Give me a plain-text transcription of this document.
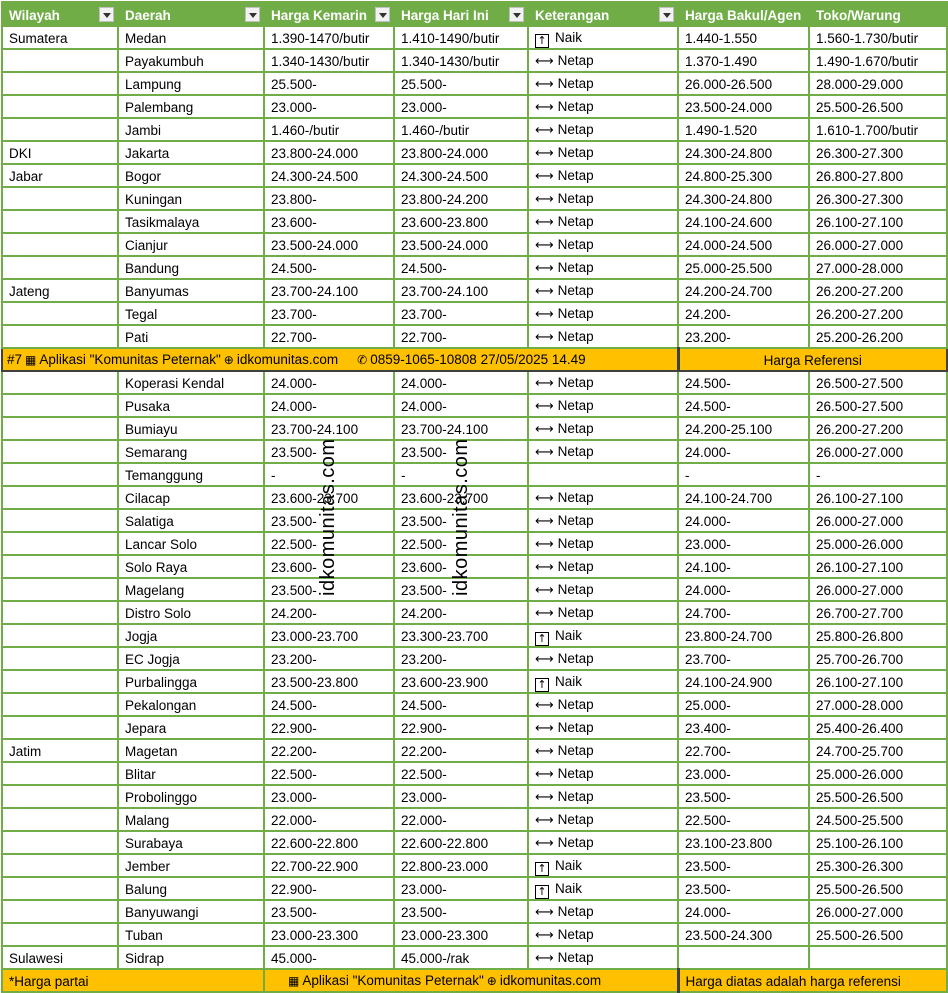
Wilayah	Daerah	Harga Kemarin	Harga Hari Ini	Keterangan	Harga Bakul/Agen	Toko/Warung
Sumatera	Medan	1.390-1470/butir	1.410-1490/butir	↑ Naik	1.440-1.550	1.560-1.730/butir
	Payakumbuh	1.340-1430/butir	1.340-1430/butir	⟷ Netap	1.370-1.490	1.490-1.670/butir
	Lampung	25.500-	25.500-	⟷ Netap	26.000-26.500	28.000-29.000
	Palembang	23.000-	23.000-	⟷ Netap	23.500-24.000	25.500-26.500
	Jambi	1.460-/butir	1.460-/butir	⟷ Netap	1.490-1.520	1.610-1.700/butir
DKI	Jakarta	23.800-24.000	23.800-24.000	⟷ Netap	24.300-24.800	26.300-27.300
Jabar	Bogor	24.300-24.500	24.300-24.500	⟷ Netap	24.800-25.300	26.800-27.800
	Kuningan	23.800-	23.800-24.200	⟷ Netap	24.300-24.800	26.300-27.300
	Tasikmalaya	23.600-	23.600-23.800	⟷ Netap	24.100-24.600	26.100-27.100
	Cianjur	23.500-24.000	23.500-24.000	⟷ Netap	24.000-24.500	26.000-27.000
	Bandung	24.500-	24.500-	⟷ Netap	25.000-25.500	27.000-28.000
Jateng	Banyumas	23.700-24.100	23.700-24.100	⟷ Netap	24.200-24.700	26.200-27.200
	Tegal	23.700-	23.700-	⟷ Netap	24.200-	26.200-27.200
	Pati	22.700-	22.700-	⟷ Netap	23.200-	25.200-26.200
#7 ▦ Aplikasi "Komunitas Peternak" ⊕ idkomunitas.com ✆ 0859-1065-10808 27/05/2025 14.49					Harga Referensi	
	Koperasi Kendal	24.000-	24.000-	⟷ Netap	24.500-	26.500-27.500
	Pusaka	24.000-	24.000-	⟷ Netap	24.500-	26.500-27.500
	Bumiayu	23.700-24.100	23.700-24.100	⟷ Netap	24.200-25.100	26.200-27.200
	Semarang	23.500-	23.500-	⟷ Netap	24.000-	26.000-27.000
	Temanggung	-	-		-	-
	Cilacap	23.600-23.700	23.600-23.700	⟷ Netap	24.100-24.700	26.100-27.100
	Salatiga	23.500-	23.500-	⟷ Netap	24.000-	26.000-27.000
	Lancar Solo	22.500-	22.500-	⟷ Netap	23.000-	25.000-26.000
	Solo Raya	23.600-	23.600-	⟷ Netap	24.100-	26.100-27.100
	Magelang	23.500-	23.500-	⟷ Netap	24.000-	26.000-27.000
	Distro Solo	24.200-	24.200-	⟷ Netap	24.700-	26.700-27.700
	Jogja	23.000-23.700	23.300-23.700	↑ Naik	23.800-24.700	25.800-26.800
	EC Jogja	23.200-	23.200-	⟷ Netap	23.700-	25.700-26.700
	Purbalingga	23.500-23.800	23.600-23.900	↑ Naik	24.100-24.900	26.100-27.100
	Pekalongan	24.500-	24.500-	⟷ Netap	25.000-	27.000-28.000
	Jepara	22.900-	22.900-	⟷ Netap	23.400-	25.400-26.400
Jatim	Magetan	22.200-	22.200-	⟷ Netap	22.700-	24.700-25.700
	Blitar	22.500-	22.500-	⟷ Netap	23.000-	25.000-26.000
	Probolinggo	23.000-	23.000-	⟷ Netap	23.500-	25.500-26.500
	Malang	22.000-	22.000-	⟷ Netap	22.500-	24.500-25.500
	Surabaya	22.600-22.800	22.600-22.800	⟷ Netap	23.100-23.800	25.100-26.100
	Jember	22.700-22.900	22.800-23.000	↑ Naik	23.500-	25.300-26.300
	Balung	22.900-	23.000-	↑ Naik	23.500-	25.500-26.500
	Banyuwangi	23.500-	23.500-	⟷ Netap	24.000-	26.000-27.000
	Tuban	23.000-23.300	23.000-23.300	⟷ Netap	23.500-24.300	25.500-26.500
Sulawesi	Sidrap	45.000-	45.000-/rak	⟷ Netap		
*Harga partai		▦ Aplikasi "Komunitas Peternak" ⊕ idkomunitas.com			Harga diatas adalah harga referensi	
idkomunitas.com	idkomunitas.com
